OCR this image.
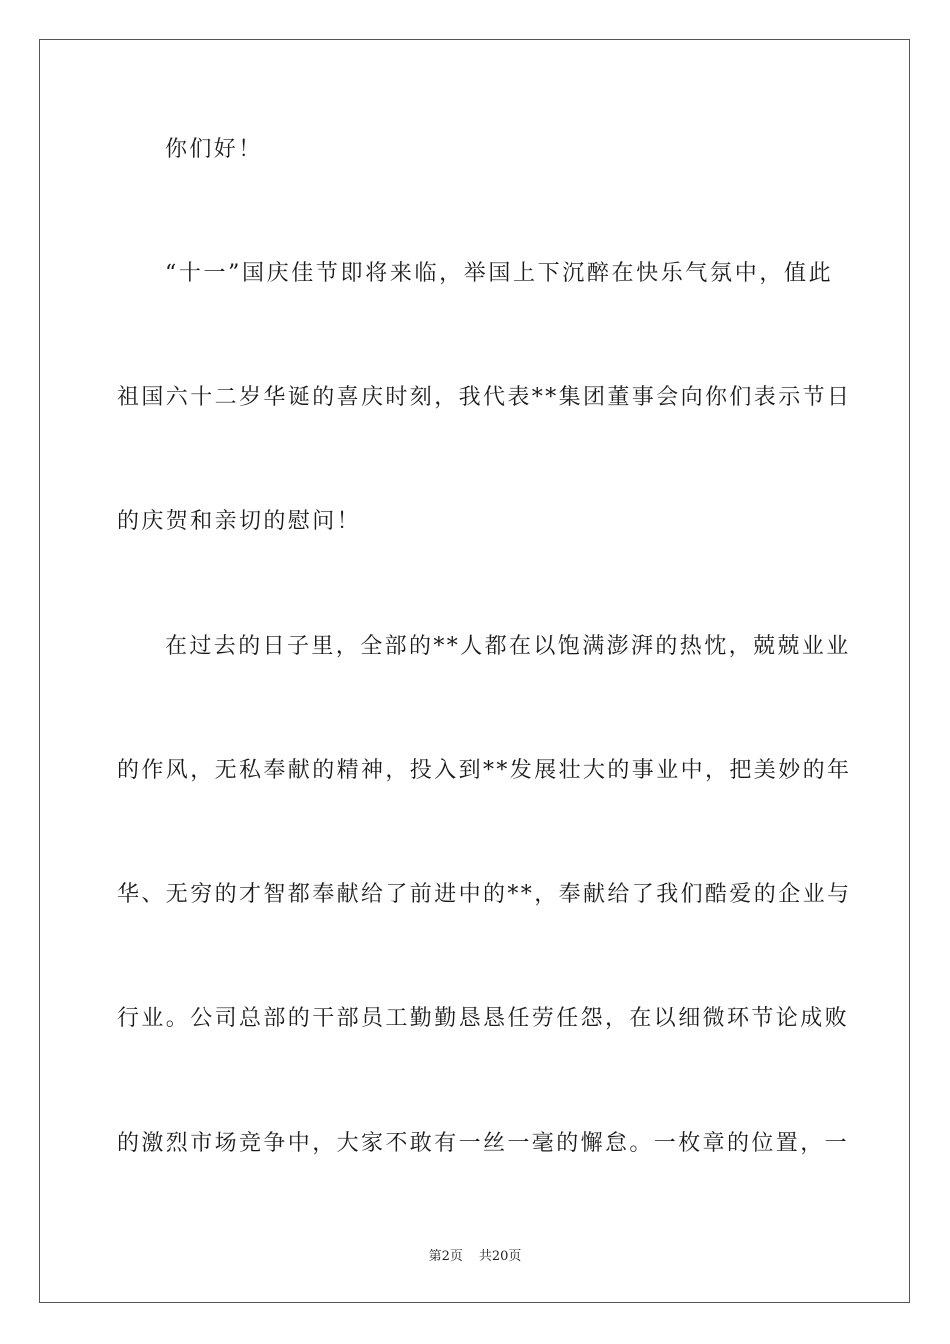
你们好！
“十一”国庆佳节即将来临，举国上下沉醉在快乐气氛中，值此
祖国六十二岁华诞的喜庆时刻，我代表**集团董事会向你们表示节日
的庆贺和亲切的慰问！
在过去的日子里，全部的**人都在以饱满澎湃的热忱，兢兢业业
的作风，无私奉献的精神，投入到**发展壮大的事业中，把美妙的年
华、无穷的才智都奉献给了前进中的**，奉献给了我们酷爱的企业与
行业。公司总部的干部员工勤勤恳恳任劳任怨，在以细微环节论成败
的激烈市场竞争中，大家不敢有一丝一毫的懈怠。一枚章的位置，一
第2页 共20页
